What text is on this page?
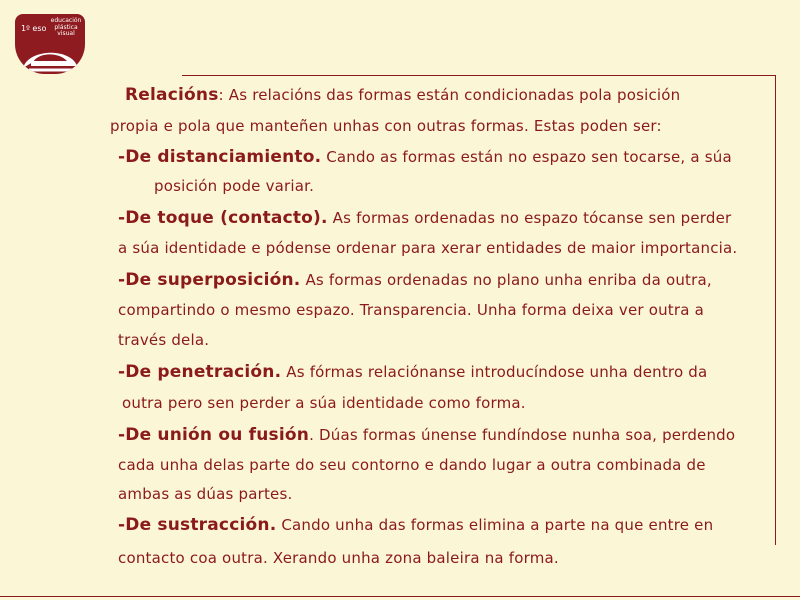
1º eso
educación
plástica
visual
Relacións: As relacións das formas están condicionadas pola posición
propia e pola que manteñen unhas con outras formas. Estas poden ser:
-De distanciamiento. Cando as formas están no espazo sen tocarse, a súa
posición pode variar.
-De toque (contacto). As formas ordenadas no espazo tócanse sen perder
a súa identidade e pódense ordenar para xerar entidades de maior importancia.
-De superposición. As formas ordenadas no plano unha enriba da outra,
compartindo o mesmo espazo. Transparencia. Unha forma deixa ver outra a
través dela.
-De penetración. As fórmas relaciónanse introducíndose unha dentro da
outra pero sen perder a súa identidade como forma.
-De unión ou fusión. Dúas formas únense fundíndose nunha soa, perdendo
cada unha delas parte do seu contorno e dando lugar a outra combinada de
ambas as dúas partes.
-De sustracción. Cando unha das formas elimina a parte na que entre en
contacto coa outra. Xerando unha zona baleira na forma.
